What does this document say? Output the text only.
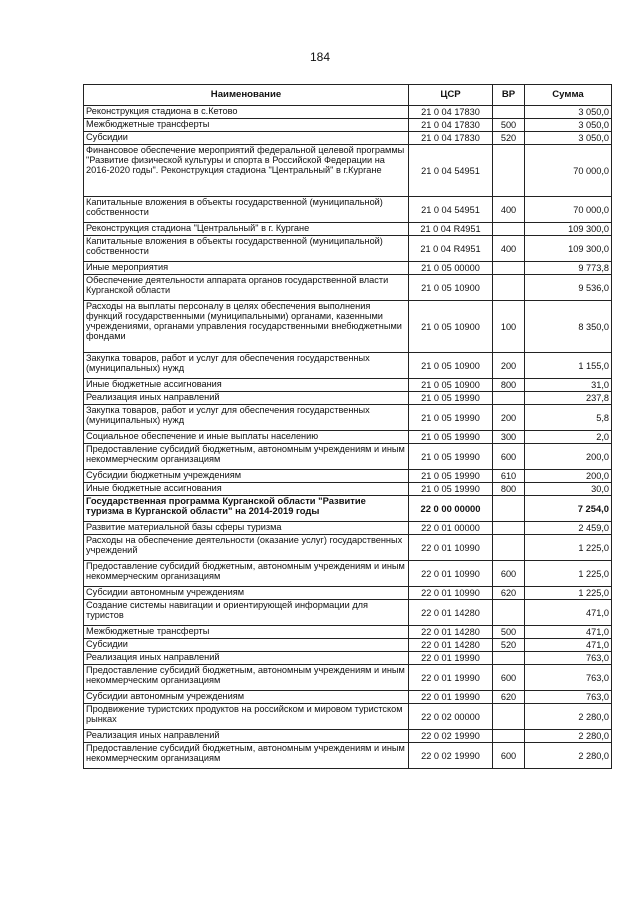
184
Наименование	ЦСР	ВР	Сумма
Реконструкция стадиона в с.Кетово	21 0 04 17830		3 050,0
Межбюджетные трансферты	21 0 04 17830	500	3 050,0
Субсидии	21 0 04 17830	520	3 050,0
Финансовое обеспечение мероприятий федеральной целевой программы "Развитие физической культуры и спорта в Российской Федерации на 2016-2020 годы". Реконструкция стадиона "Центральный" в г.Кургане	21 0 04 54951		70 000,0
Капитальные вложения в объекты государственной (муниципальной) собственности	21 0 04 54951	400	70 000,0
Реконструкция стадиона "Центральный" в г. Кургане	21 0 04 R4951		109 300,0
Капитальные вложения в объекты государственной (муниципальной) собственности	21 0 04 R4951	400	109 300,0
Иные мероприятия	21 0 05 00000		9 773,8
Обеспечение деятельности аппарата органов государственной власти Курганской области	21 0 05 10900		9 536,0
Расходы на выплаты персоналу в целях обеспечения выполнения функций государственными (муниципальными) органами, казенными учреждениями, органами управления государственными внебюджетными фондами	21 0 05 10900	100	8 350,0
Закупка товаров, работ и услуг для обеспечения государственных (муниципальных) нужд	21 0 05 10900	200	1 155,0
Иные бюджетные ассигнования	21 0 05 10900	800	31,0
Реализация иных направлений	21 0 05 19990		237,8
Закупка товаров, работ и услуг для обеспечения государственных (муниципальных) нужд	21 0 05 19990	200	5,8
Социальное обеспечение и иные выплаты населению	21 0 05 19990	300	2,0
Предоставление субсидий бюджетным, автономным учреждениям и иным некоммерческим организациям	21 0 05 19990	600	200,0
Субсидии бюджетным учреждениям	21 0 05 19990	610	200,0
Иные бюджетные ассигнования	21 0 05 19990	800	30,0
Государственная программа Курганской области "Развитие туризма в Курганской области" на 2014-2019 годы	22 0 00 00000		7 254,0
Развитие материальной базы сферы туризма	22 0 01 00000		2 459,0
Расходы на обеспечение деятельности (оказание услуг) государственных учреждений	22 0 01 10990		1 225,0
Предоставление субсидий бюджетным, автономным учреждениям и иным некоммерческим организациям	22 0 01 10990	600	1 225,0
Субсидии автономным учреждениям	22 0 01 10990	620	1 225,0
Создание системы навигации и ориентирующей информации для туристов	22 0 01 14280		471,0
Межбюджетные трансферты	22 0 01 14280	500	471,0
Субсидии	22 0 01 14280	520	471,0
Реализация иных направлений	22 0 01 19990		763,0
Предоставление субсидий бюджетным, автономным учреждениям и иным некоммерческим организациям	22 0 01 19990	600	763,0
Субсидии автономным учреждениям	22 0 01 19990	620	763,0
Продвижение туристских продуктов на российском и мировом туристском рынках	22 0 02 00000		2 280,0
Реализация иных направлений	22 0 02 19990		2 280,0
Предоставление субсидий бюджетным, автономным учреждениям и иным некоммерческим организациям	22 0 02 19990	600	2 280,0
